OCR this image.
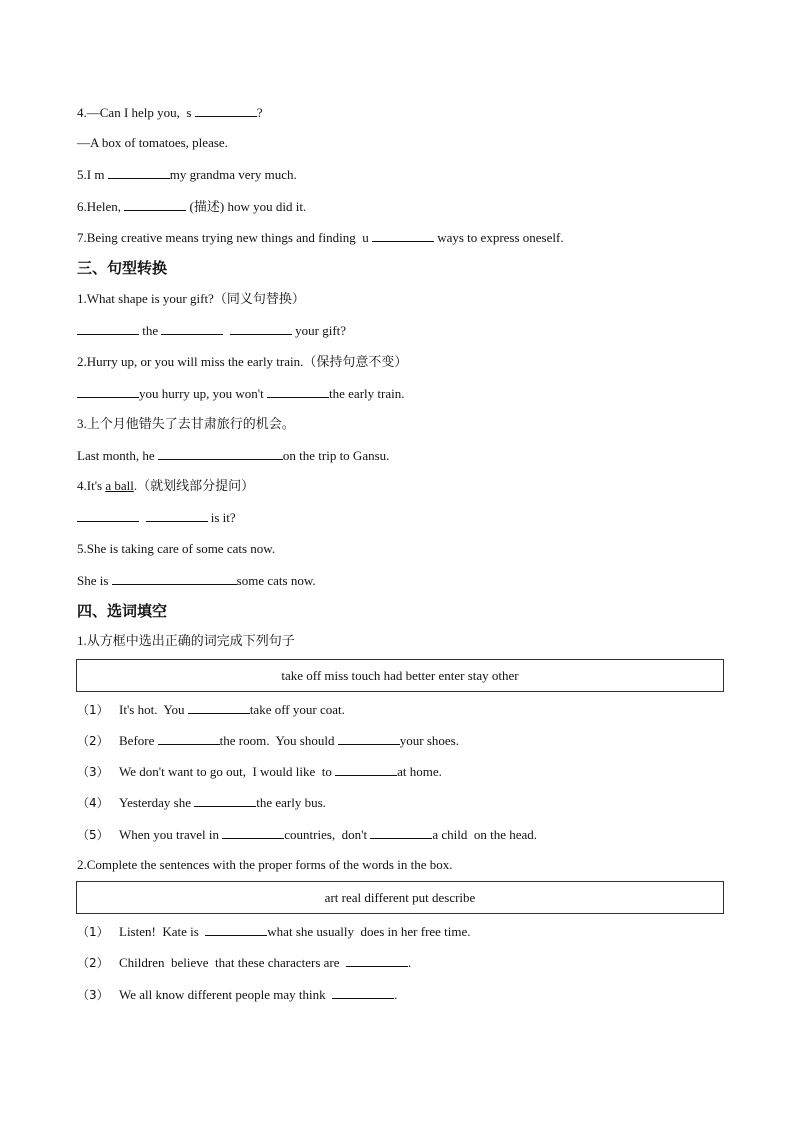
4.—Can I help you,  s	?
—A box of tomatoes, please.
5.I m	my grandma very much.
6.Helen,	(描述) how you did it.
7.Being creative means trying new things and finding  u	ways to express oneself.
三、句型转换
1.What shape is your gift?（同义句替换）
the	your gift?
2.Hurry up, or you will miss the early train.（保持句意不变）
you hurry up, you won't	the early train.
3.上个月他错失了去甘肃旅行的机会。
Last month, he	on the trip to Gansu.
4.It's a ball.（就划线部分提问）
is it?
5.She is taking care of some cats now.
She is	some cats now.
四、选词填空
1.从方框中选出正确的词完成下列句子
take off miss touch had better enter stay other
（1） It's hot.  You	take off your coat.
（2） Before	the room.  You should	your shoes.
（3） We don't want to go out,  I would like  to	at home.
（4） Yesterday she	the early bus.
（5） When you travel in	countries,  don't	a child  on the head.
2.Complete the sentences with the proper forms of the words in the box.
art real different put describe
（1） Listen!  Kate is	what she usually  does in her free time.
（2） Children  believe  that these characters are	.
（3） We all know different people may think	.
